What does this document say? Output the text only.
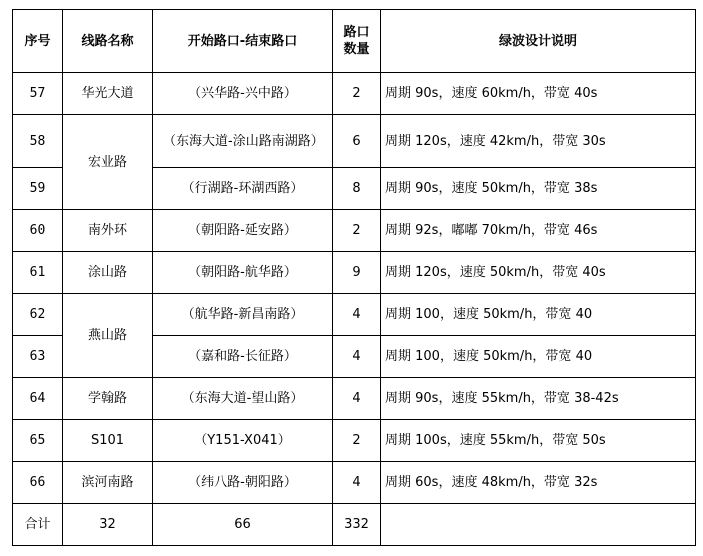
序号	线路名称	开始路口-结束路口	路口数量	绿波设计说明
57	华光大道	（兴华路-兴中路）	2	周期 90s，速度 60km/h，带宽 40s
58	宏业路	（东海大道-涂山路南湖路）	6	周期 120s，速度 42km/h，带宽 30s
59		（行湖路-环湖西路）	8	周期 90s，速度 50km/h，带宽 38s
60	南外环	（朝阳路-延安路）	2	周期 92s，嘟嘟 70km/h，带宽 46s
61	涂山路	（朝阳路-航华路）	9	周期 120s，速度 50km/h，带宽 40s
62	燕山路	（航华路-新昌南路）	4	周期 100，速度 50km/h，带宽 40
63		（嘉和路-长征路）	4	周期 100，速度 50km/h，带宽 40
64	学翰路	（东海大道-望山路）	4	周期 90s，速度 55km/h，带宽 38-42s
65	S101	（Y151-X041）	2	周期 100s，速度 55km/h，带宽 50s
66	滨河南路	（纬八路-朝阳路）	4	周期 60s，速度 48km/h，带宽 32s
合计	32	66	332	
